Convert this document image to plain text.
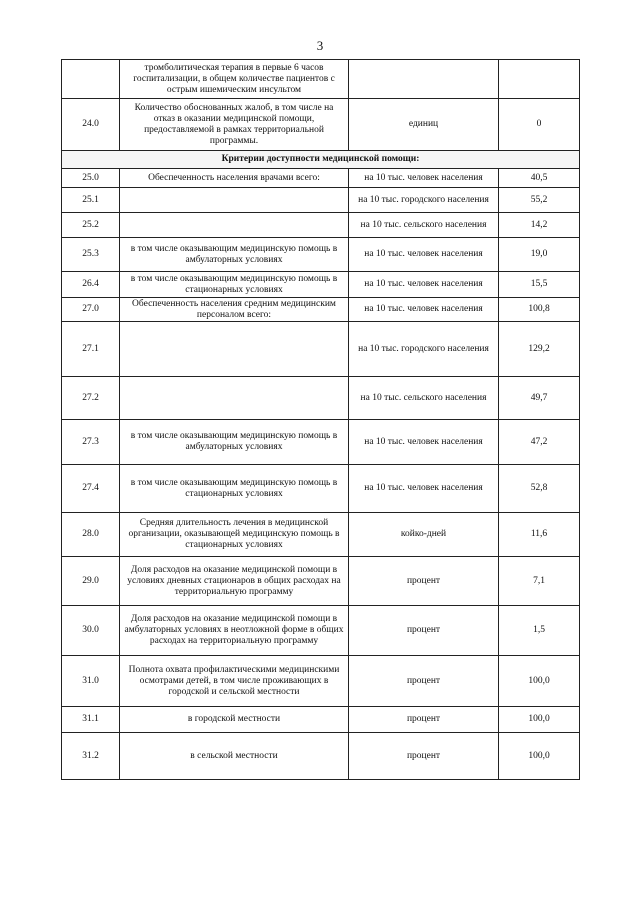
3
	тромболитическая терапия в первые 6 часов госпитализации, в общем количестве пациентов с острым ишемическим инсультом		
24.0	Количество обоснованных жалоб, в том числе на отказ в оказании медицинской помощи, предоставляемой в рамках территориальной программы.	единиц	0
Критерии доступности медицинской помощи:			
25.0	Обеспеченность населения врачами всего:	на 10 тыс. человек населения	40,5
25.1		на 10 тыс. городского населения	55,2
25.2		на 10 тыс. сельского населения	14,2
25.3	в том числе оказывающим медицинскую помощь в амбулаторных условиях	на 10 тыс. человек населения	19,0
26.4	в том числе оказывающим медицинскую помощь в стационарных условиях	на 10 тыс. человек населения	15,5
27.0	Обеспеченность населения средним медицинским персоналом всего:	на 10 тыс. человек населения	100,8
27.1		на 10 тыс. городского населения	129,2
27.2		на 10 тыс. сельского населения	49,7
27.3	в том числе оказывающим медицинскую помощь в амбулаторных условиях	на 10 тыс. человек населения	47,2
27.4	в том числе оказывающим медицинскую помощь в стационарных условиях	на 10 тыс. человек населения	52,8
28.0	Средняя длительность лечения в медицинской организации, оказывающей медицинскую помощь в стационарных условиях	койко-дней	11,6
29.0	Доля расходов на оказание медицинской помощи в условиях дневных стационаров в общих расходах на территориальную программу	процент	7,1
30.0	Доля расходов на оказание медицинской помощи в амбулаторных условиях в неотложной форме в общих расходах на территориальную программу	процент	1,5
31.0	Полнота охвата профилактическими медицинскими осмотрами детей, в том числе проживающих в городской и сельской местности	процент	100,0
31.1	в городской местности	процент	100,0
31.2	в сельской местности	процент	100,0
